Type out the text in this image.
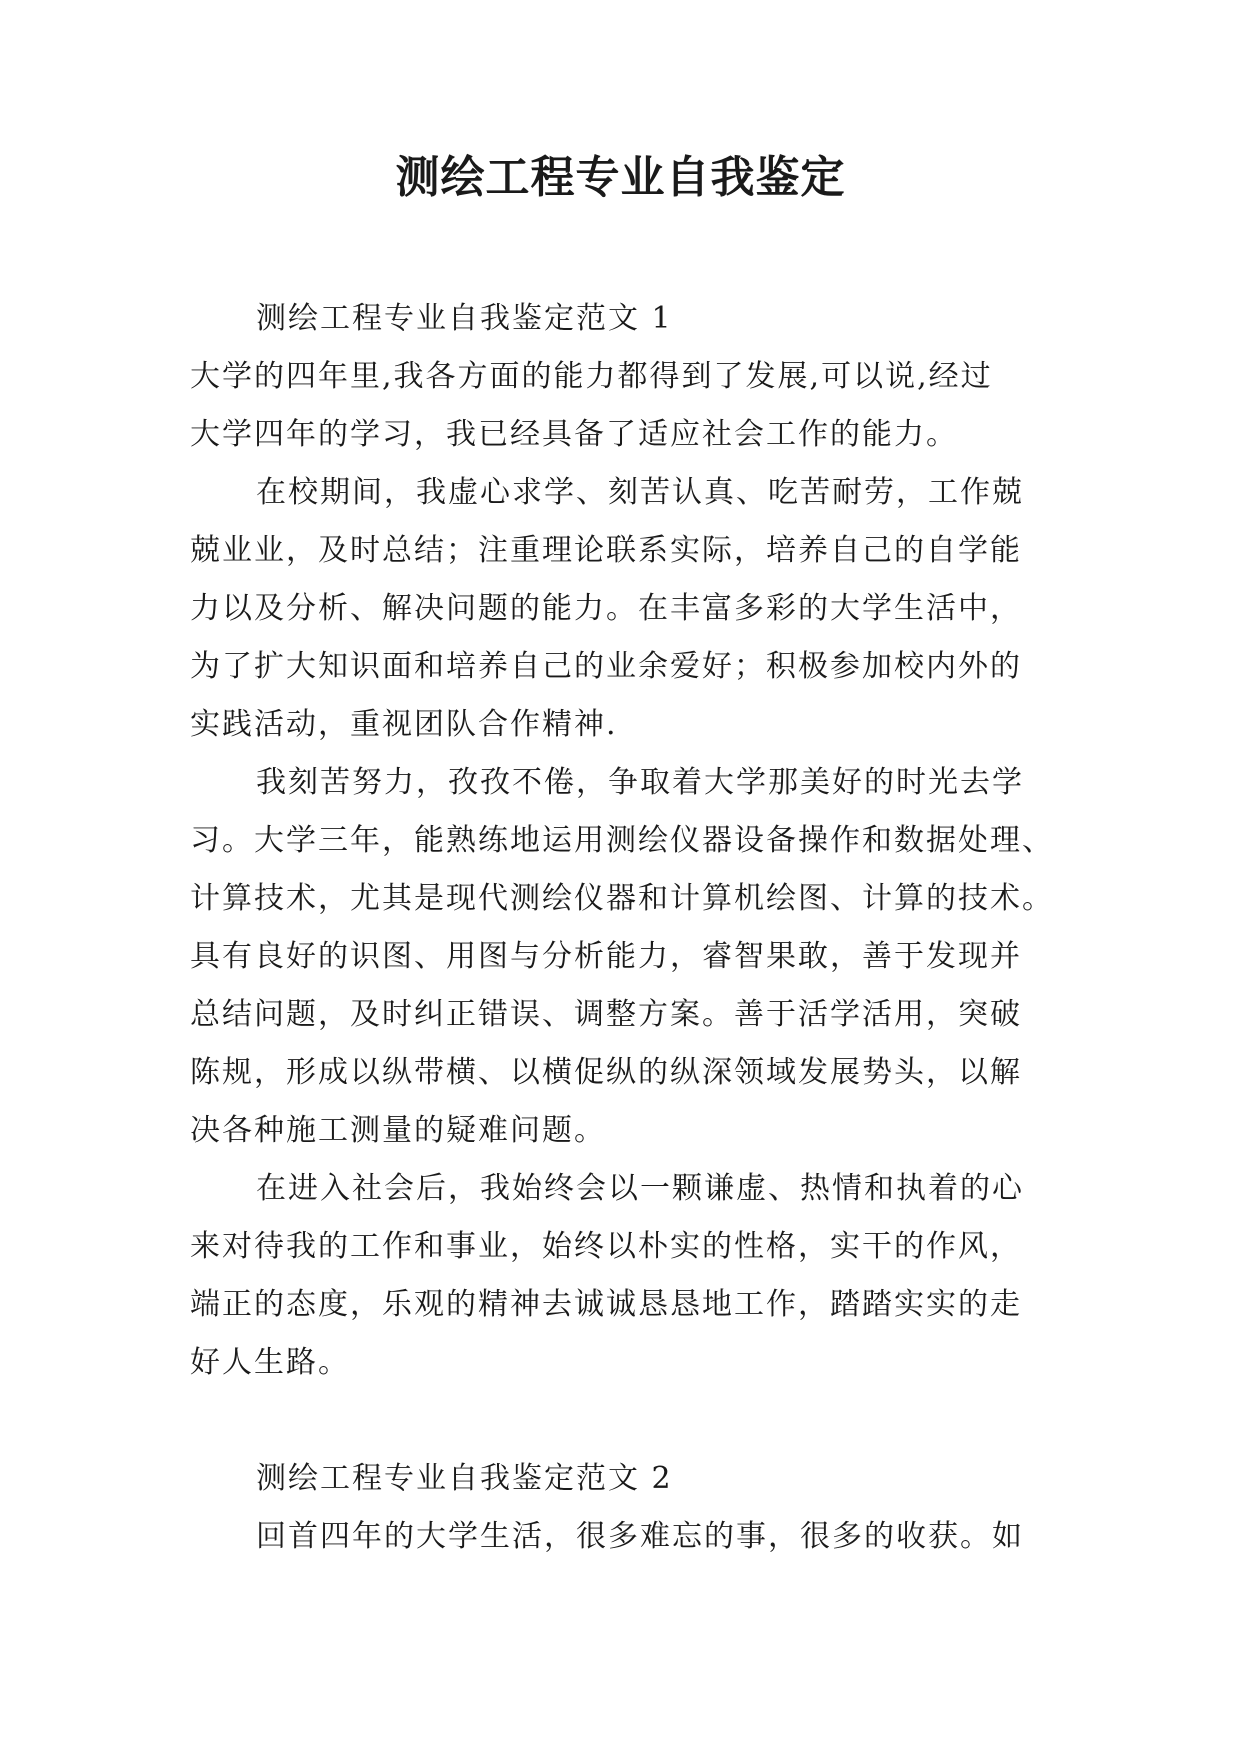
测绘工程专业自我鉴定

测绘工程专业自我鉴定范文 1

大学的四年里,我各方面的能力都得到了发展,可以说,经过
大学四年的学习，我已经具备了适应社会工作的能力。
在校期间，我虚心求学、刻苦认真、吃苦耐劳，工作兢
兢业业，及时总结；注重理论联系实际，培养自己的自学能
力以及分析、解决问题的能力。在丰富多彩的大学生活中，
为了扩大知识面和培养自己的业余爱好；积极参加校内外的
实践活动，重视团队合作精神.
我刻苦努力，孜孜不倦，争取着大学那美好的时光去学
习。大学三年，能熟练地运用测绘仪器设备操作和数据处理、
计算技术，尤其是现代测绘仪器和计算机绘图、计算的技术。
具有良好的识图、用图与分析能力，睿智果敢，善于发现并
总结问题，及时纠正错误、调整方案。善于活学活用，突破
陈规，形成以纵带横、以横促纵的纵深领域发展势头，以解
决各种施工测量的疑难问题。
在进入社会后，我始终会以一颗谦虚、热情和执着的心
来对待我的工作和事业，始终以朴实的性格，实干的作风，
端正的态度，乐观的精神去诚诚恳恳地工作，踏踏实实的走
好人生路。

测绘工程专业自我鉴定范文 2

回首四年的大学生活，很多难忘的事，很多的收获。如
